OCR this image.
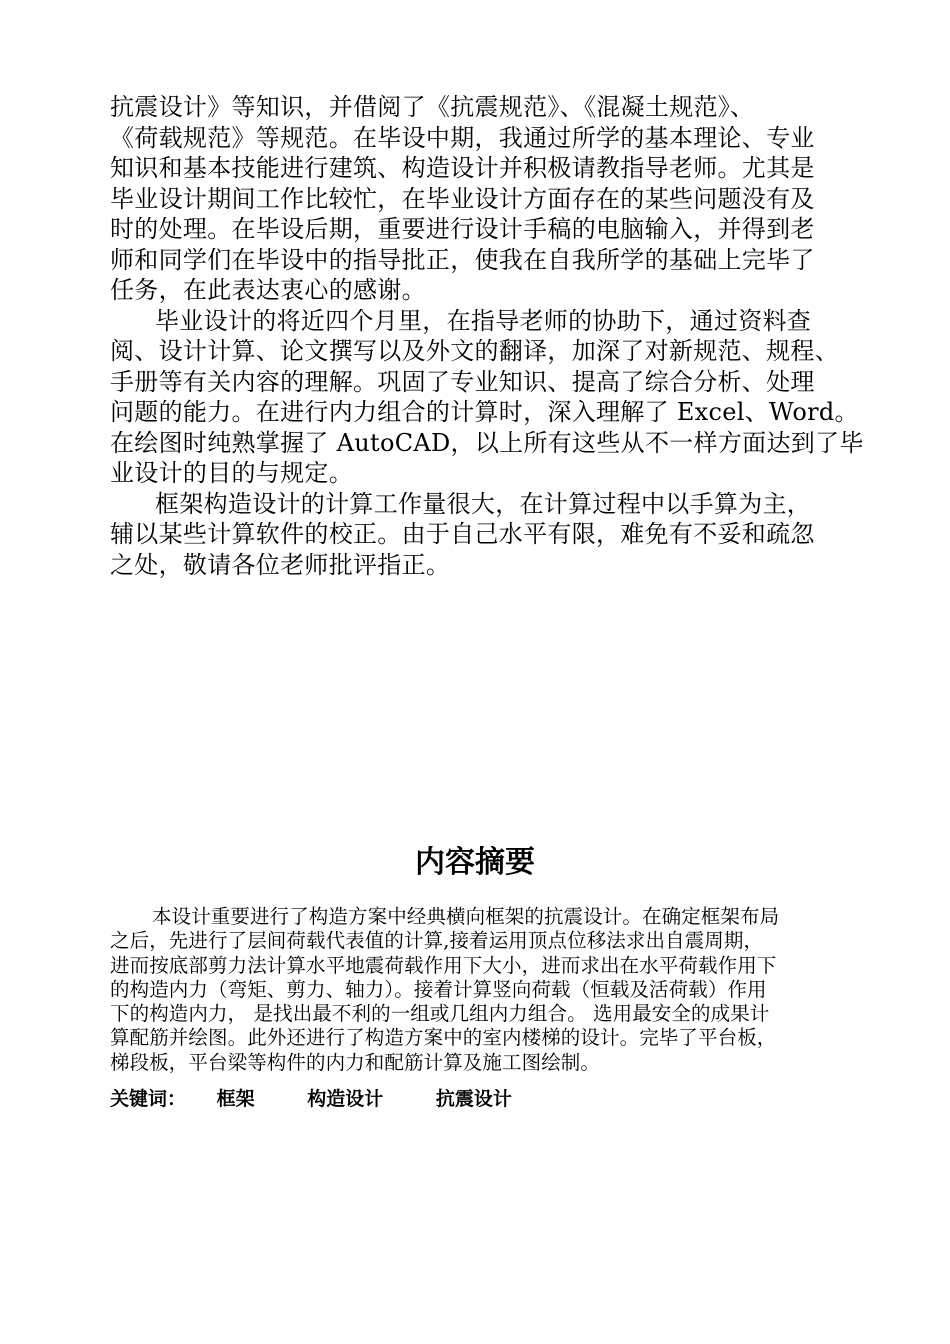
抗震设计》等知识，并借阅了《抗震规范》、《混凝土规范》、
《荷载规范》等规范。在毕设中期，我通过所学的基本理论、专业
知识和基本技能进行建筑、构造设计并积极请教指导老师。尤其是
毕业设计期间工作比较忙，在毕业设计方面存在的某些问题没有及
时的处理。在毕设后期，重要进行设计手稿的电脑输入，并得到老
师和同学们在毕设中的指导批正，使我在自我所学的基础上完毕了
任务，在此表达衷心的感谢。
毕业设计的将近四个月里，在指导老师的协助下，通过资料查
阅、设计计算、论文撰写以及外文的翻译，加深了对新规范、规程、
手册等有关内容的理解。巩固了专业知识、提高了综合分析、处理
问题的能力。在进行内力组合的计算时，深入理解了 Excel、Word。
在绘图时纯熟掌握了 AutoCAD，以上所有这些从不一样方面达到了毕
业设计的目的与规定。
框架构造设计的计算工作量很大，在计算过程中以手算为主，
辅以某些计算软件的校正。由于自己水平有限，难免有不妥和疏忽
之处，敬请各位老师批评指正。
内容摘要
本设计重要进行了构造方案中经典横向框架的抗震设计。在确定框架布局
之后，先进行了层间荷载代表值的计算,接着运用顶点位移法求出自震周期，
进而按底部剪力法计算水平地震荷载作用下大小，进而求出在水平荷载作用下
的构造内力（弯矩、剪力、轴力）。接着计算竖向荷载（恒载及活荷载）作用
下的构造内力， 是找出最不利的一组或几组内力组合。 选用最安全的成果计
算配筋并绘图。此外还进行了构造方案中的室内楼梯的设计。完毕了平台板，
梯段板，平台梁等构件的内力和配筋计算及施工图绘制。
关键词： 框架	构造设计	抗震设计
